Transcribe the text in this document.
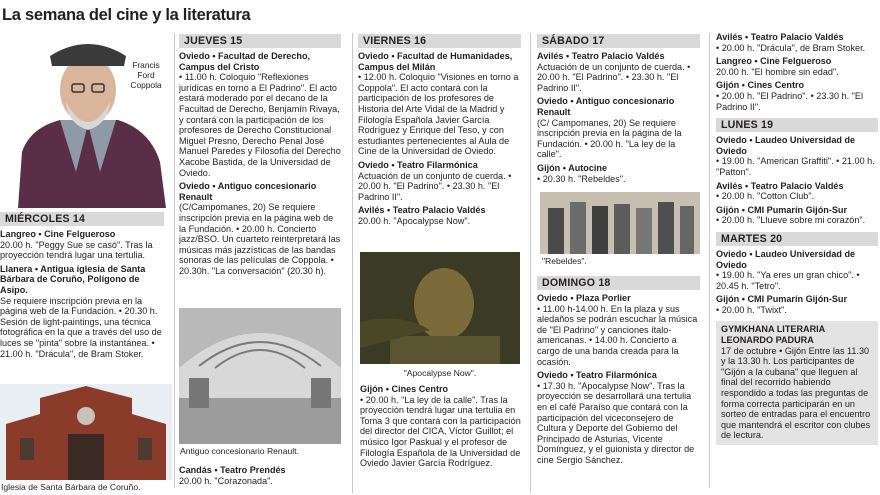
La semana del cine y la literatura
Francis
Ford
Coppola
MIÉRCOLES 14
Langreo • Cine Felgueroso
20.00 h. "Peggy Sue se casó". Tras la proyección tendrá lugar una tertulia.
Llanera • Antigua iglesia de Santa Bárbara de Coruño, Polígono de Asipo.
Se requiere inscripción previa en la página web de la Fundación. • 20.30 h. Sesión de light-paintings, una técnica fotográfica en la que a través del uso de luces se "pinta" sobre la instantánea. • 21.00 h. "Drácula", de Bram Stoker.
Iglesia de Santa Bárbara de Coruño.
JUEVES 15
Oviedo • Facultad de Derecho, Campus del Cristo
• 11.00 h. Coloquio "Reflexiones jurídicas en torno a El Padrino". El acto estará moderado por el decano de la Facultad de Derecho, Benjamín Rivaya, y contará con la participación de los profesores de Derecho Constitucional Miguel Presno, Derecho Penal José Manuel Paredes y Filosofía del Derecho Xacobe Bastida, de la Universidad de Oviedo.
Oviedo • Antiguo concesionario Renault
(C/Campomanes, 20) Se requiere inscripción previa en la página web de la Fundación. • 20.00 h. Concierto jazz/BSO. Un cuarteto reinterpretará las músicas más jazzísticas de las bandas sonoras de las películas de Coppola. • 20.30h. "La conversación" (20.30 h).
Antiguo concesionario Renault.
Candás • Teatro Prendés
20.00 h. "Corazonada".
VIERNES 16
Oviedo • Facultad de Humanidades, Campus del Milán
• 12.00 h. Coloquio "Visiones en torno a Coppola". El acto contará con la participación de los profesores de Historia del Arte Vidal de la Madrid y Filología Española Javier García Rodríguez y Enrique del Teso, y con estudiantes pertenecientes al Aula de Cine de la Universidad de Oviedo.
Oviedo • Teatro Filarmónica
Actuación de un conjunto de cuerda. • 20.00 h. "El Padrino". • 23.30 h. "El Padrino II".
Avilés • Teatro Palacio Valdés
20.00 h. "Apocalypse Now".
"Apocalypse Now".
Gijón • Cines Centro
• 20.00 h. "La ley de la calle". Tras la proyección tendrá lugar una tertulia en Toma 3 que contará con la participación del director del CICA, Víctor Guillot; el músico Igor Paskual y el profesor de Filología Española de la Universidad de Oviedo Javier García Rodríguez.
SÁBADO 17
Avilés • Teatro Palacio Valdés
Actuación de un conjunto de cuerda. • 20.00 h. "El Padrino". • 23.30 h. "El Padrino II".
Oviedo • Antiguo concesionario Renault
(C/ Campomanes, 20) Se requiere inscripción previa en la página de la Fundación. • 20.00 h. "La ley de la calle".
Gijón • Autocine
• 20.30 h. "Rebeldes".
"Rebeldes".
DOMINGO 18
Oviedo • Plaza Porlier
• 11.00 h-14.00 h. En la plaza y sus aledaños se podrán escuchar la música de "El Padrino" y canciones ítalo-americanas. • 14.00 h. Concierto a cargo de una banda creada para la ocasión.
Oviedo • Teatro Filarmónica
• 17.30 h. "Apocalypse Now". Tras la proyección se desarrollará una tertulia en el café Paraíso que contará con la participación del viceconsejero de Cultura y Deporte del Gobierno del Principado de Asturias, Vicente Domínguez, y el guionista y director de cine Sergio Sánchez.
Avilés • Teatro Palacio Valdés
• 20.00 h. "Drácula", de Bram Stoker.
Langreo • Cine Felgueroso
20.00 h. "El hombre sin edad".
Gijón • Cines Centro
• 20.00 h. "El Padrino". • 23.30 h. "El Padrino II".
LUNES 19
Oviedo • Laudeo Universidad de Oviedo
• 19.00 h. "American Graffiti". • 21.00 h. "Patton".
Avilés • Teatro Palacio Valdés
• 20.00 h. "Cotton Club".
Gijón • CMI Pumarín Gijón-Sur
• 20.00 h. "Llueve sobre mi corazón".
MARTES 20
Oviedo • Laudeo Universidad de Oviedo
• 19.00 h. "Ya eres un gran chico". • 20.45 h. "Tetro".
Gijón • CMI Pumarín Gijón-Sur
• 20.00 h. "Twixt".
GYMKHANA LITERARIA LEONARDO PADURA
17 de octubre • Gijón Entre las 11.30 y la 13.30 h. Los participantes de "Gijón a la cubana" que lleguen al final del recorrido habiendo respondido a todas las preguntas de forma correcta participarán en un sorteo de entradas para el encuentro que mantendrá el escritor con clubes de lectura.
